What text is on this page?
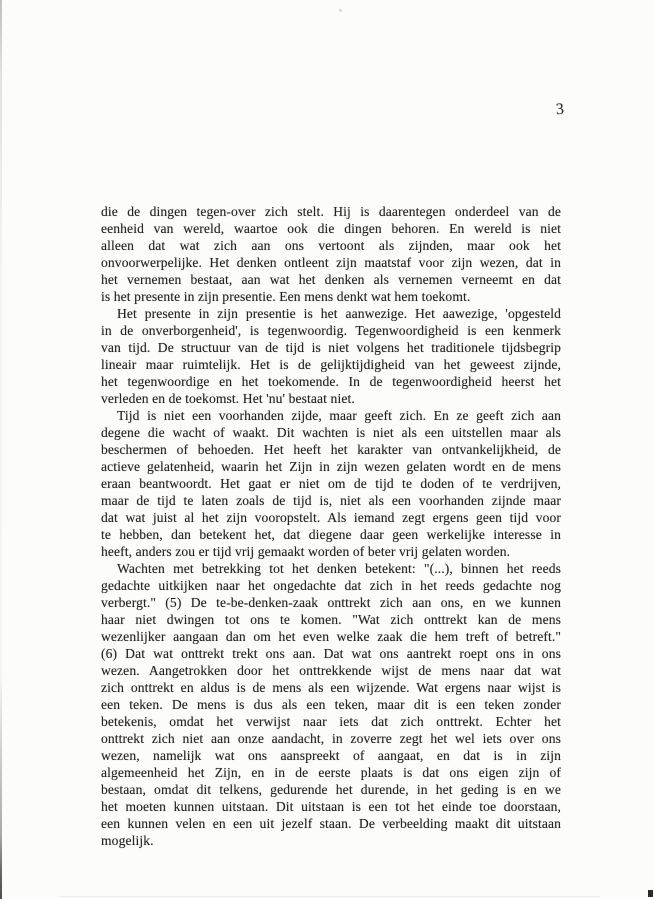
3
die de dingen tegen-over zich stelt. Hij is daarentegen onderdeel van de
eenheid van wereld, waartoe ook die dingen behoren. En wereld is niet
alleen dat wat zich aan ons vertoont als zijnden, maar ook het
onvoorwerpelijke. Het denken ontleent zijn maatstaf voor zijn wezen, dat in
het vernemen bestaat, aan wat het denken als vernemen verneemt en dat
is het presente in zijn presentie. Een mens denkt wat hem toekomt.
Het presente in zijn presentie is het aanwezige. Het aawezige, 'opgesteld
in de onverborgenheid', is tegenwoordig. Tegenwoordigheid is een kenmerk
van tijd. De structuur van de tijd is niet volgens het traditionele tijdsbegrip
lineair maar ruimtelijk. Het is de gelijktijdigheid van het geweest zijnde,
het tegenwoordige en het toekomende. In de tegenwoordigheid heerst het
verleden en de toekomst. Het 'nu' bestaat niet.
Tijd is niet een voorhanden zijde, maar geeft zich. En ze geeft zich aan
degene die wacht of waakt. Dit wachten is niet als een uitstellen maar als
beschermen of behoeden. Het heeft het karakter van ontvankelijkheid, de
actieve gelatenheid, waarin het Zijn in zijn wezen gelaten wordt en de mens
eraan beantwoordt. Het gaat er niet om de tijd te doden of te verdrijven,
maar de tijd te laten zoals de tijd is, niet als een voorhanden zijnde maar
dat wat juist al het zijn vooropstelt. Als iemand zegt ergens geen tijd voor
te hebben, dan betekent het, dat diegene daar geen werkelijke interesse in
heeft, anders zou er tijd vrij gemaakt worden of beter vrij gelaten worden.
Wachten met betrekking tot het denken betekent: "(...), binnen het reeds
gedachte uitkijken naar het ongedachte dat zich in het reeds gedachte nog
verbergt." (5) De te-be-denken-zaak onttrekt zich aan ons, en we kunnen
haar niet dwingen tot ons te komen. "Wat zich onttrekt kan de mens
wezenlijker aangaan dan om het even welke zaak die hem treft of betreft."
(6) Dat wat onttrekt trekt ons aan. Dat wat ons aantrekt roept ons in ons
wezen. Aangetrokken door het onttrekkende wijst de mens naar dat wat
zich onttrekt en aldus is de mens als een wijzende. Wat ergens naar wijst is
een teken. De mens is dus als een teken, maar dit is een teken zonder
betekenis, omdat het verwijst naar iets dat zich onttrekt. Echter het
onttrekt zich niet aan onze aandacht, in zoverre zegt het wel iets over ons
wezen, namelijk wat ons aanspreekt of aangaat, en dat is in zijn
algemeenheid het Zijn, en in de eerste plaats is dat ons eigen zijn of
bestaan, omdat dit telkens, gedurende het durende, in het geding is en we
het moeten kunnen uitstaan. Dit uitstaan is een tot het einde toe doorstaan,
een kunnen velen en een uit jezelf staan. De verbeelding maakt dit uitstaan
mogelijk.
